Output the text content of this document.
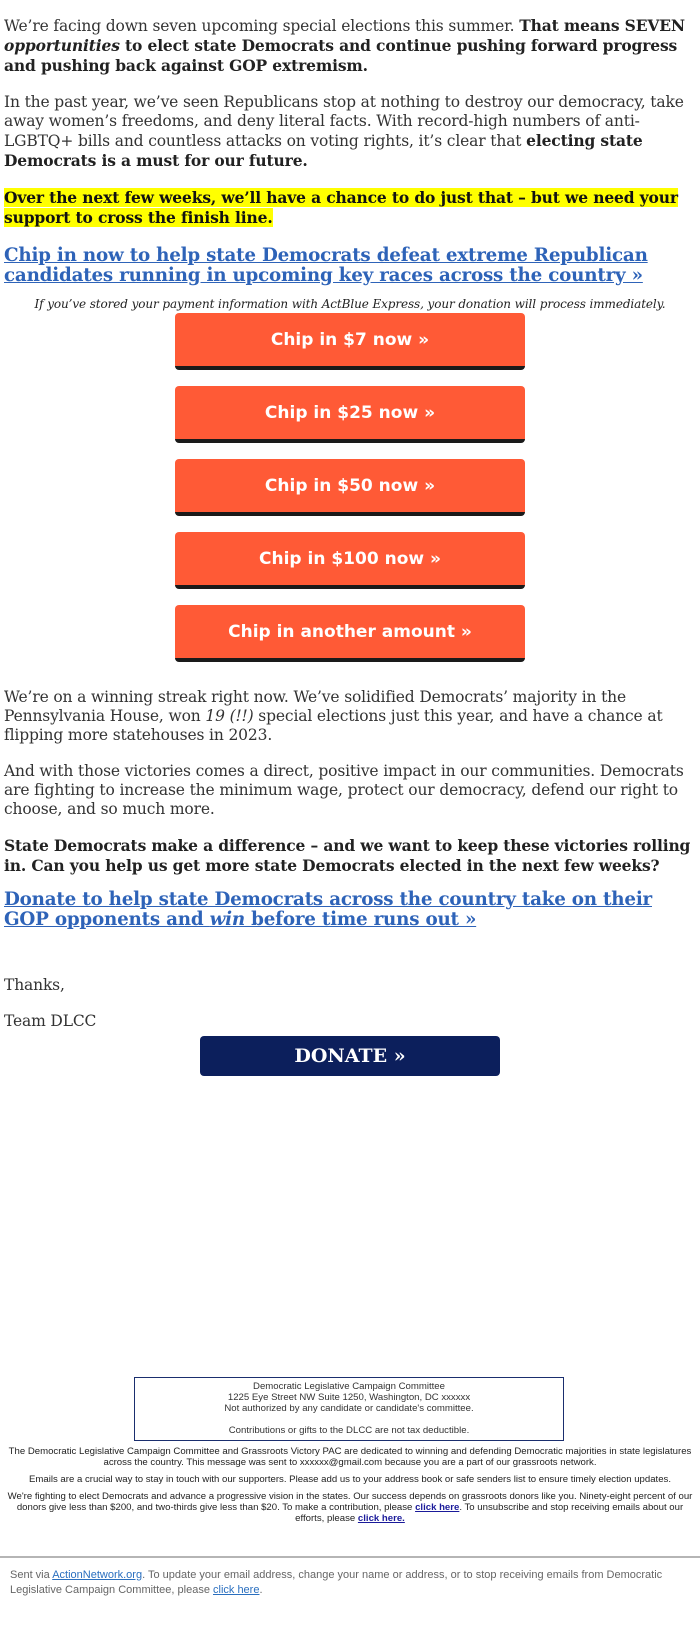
We’re facing down seven upcoming special elections this summer. That means SEVEN opportunities to elect state Democrats and continue pushing forward progress and pushing back against GOP extremism.

In the past year, we’ve seen Republicans stop at nothing to destroy our democracy, take away women’s freedoms, and deny literal facts. With record-high numbers of anti-LGBTQ+ bills and countless attacks on voting rights, it’s clear that electing state Democrats is a must for our future.

Over the next few weeks, we’ll have a chance to do just that – but we need your support to cross the finish line.

Chip in now to help state Democrats defeat extreme Republican candidates running in upcoming key races across the country »

If you’ve stored your payment information with ActBlue Express, your donation will process immediately.

Chip in $7 now »
Chip in $25 now »
Chip in $50 now »
Chip in $100 now »
Chip in another amount »

We’re on a winning streak right now. We’ve solidified Democrats’ majority in the Pennsylvania House, won 19 (!!) special elections just this year, and have a chance at flipping more statehouses in 2023.

And with those victories comes a direct, positive impact in our communities. Democrats are fighting to increase the minimum wage, protect our democracy, defend our right to choose, and so much more.

State Democrats make a difference – and we want to keep these victories rolling in. Can you help us get more state Democrats elected in the next few weeks?

Donate to help state Democrats across the country take on their GOP opponents and win before time runs out »

Thanks,

Team DLCC

DONATE »
Democratic Legislative Campaign Committee
1225 Eye Street NW Suite 1250, Washington, DC xxxxxx
Not authorized by any candidate or candidate's committee.
Contributions or gifts to the DLCC are not tax deductible.
The Democratic Legislative Campaign Committee and Grassroots Victory PAC are dedicated to winning and defending Democratic majorities in state legislatures across the country. This message was sent to xxxxxx@gmail.com because you are a part of our grassroots network.
Emails are a crucial way to stay in touch with our supporters. Please add us to your address book or safe senders list to ensure timely election updates.
We're fighting to elect Democrats and advance a progressive vision in the states. Our success depends on grassroots donors like you. Ninety-eight percent of our donors give less than $200, and two-thirds give less than $20. To make a contribution, please click here. To unsubscribe and stop receiving emails about our efforts, please click here.
Sent via ActionNetwork.org. To update your email address, change your name or address, or to stop receiving emails from Democratic Legislative Campaign Committee, please click here.
